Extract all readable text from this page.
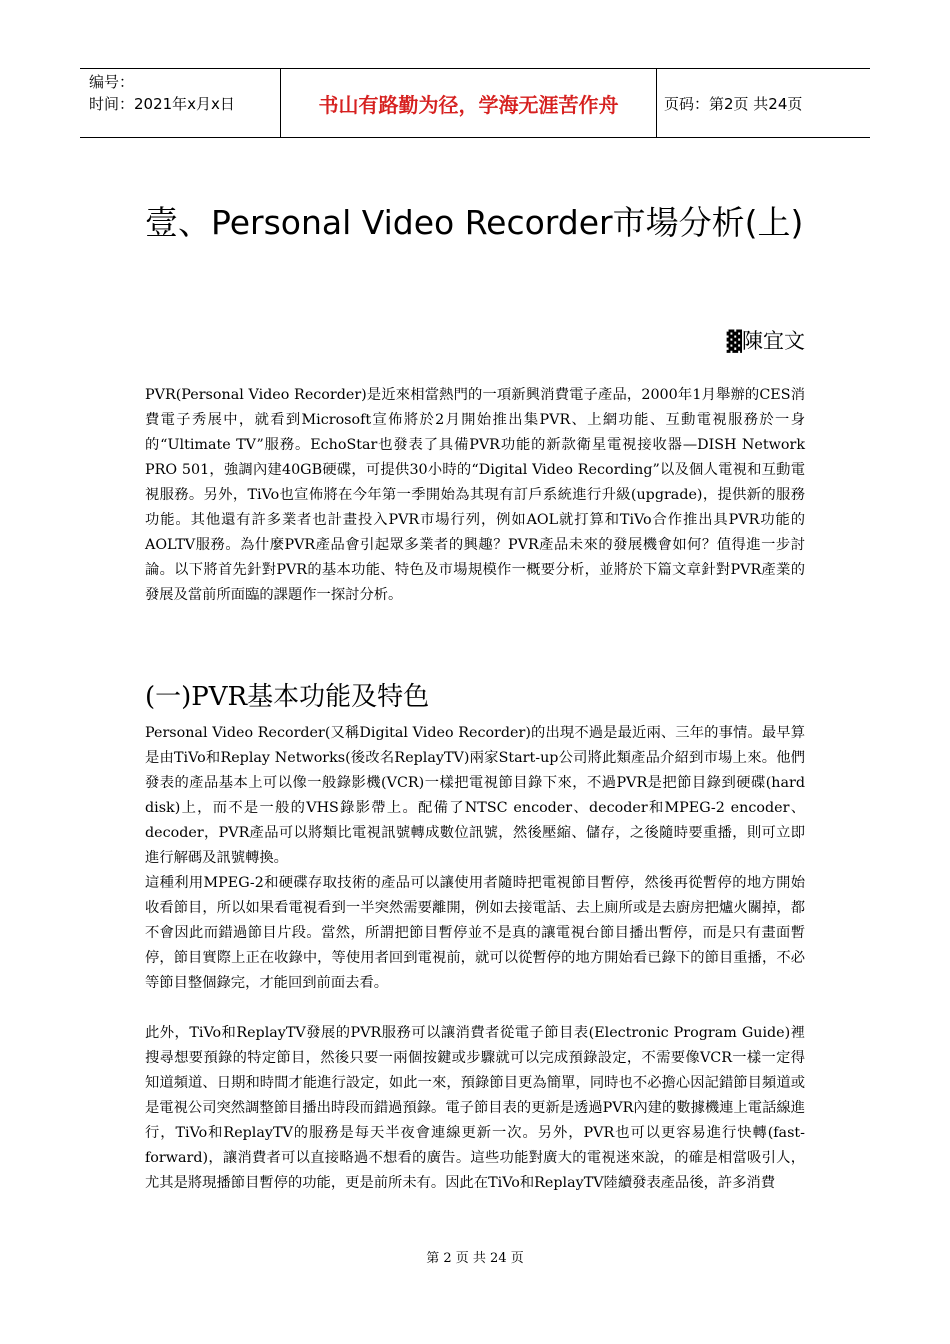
编号：
时间：2021年x月x日	书山有路勤为径，学海无涯苦作舟	页码：第2页 共24页
壹、Personal Video Recorder市場分析(上)
▓陳宜文

PVR(Personal Video Recorder)是近來相當熱門的一項新興消費電子產品，2000年1月舉辦的CES消費電子秀展中，就看到Microsoft宣佈將於2月開始推出集PVR、上網功能、互動電視服務於一身的“Ultimate TV”服務。EchoStar也發表了具備PVR功能的新款衛星電視接收器—DISH Network PRO 501，強調內建40GB硬碟，可提供30小時的“Digital Video Recording”以及個人電視和互動電視服務。另外，TiVo也宣佈將在今年第一季開始為其現有訂戶系統進行升級(upgrade)，提供新的服務功能。其他還有許多業者也計畫投入PVR市場行列，例如AOL就打算和TiVo合作推出具PVR功能的AOLTV服務。為什麼PVR產品會引起眾多業者的興趣？PVR產品未來的發展機會如何？值得進一步討論。以下將首先針對PVR的基本功能、特色及市場規模作一概要分析，並將於下篇文章針對PVR產業的發展及當前所面臨的課題作一探討分析。

(一)PVR基本功能及特色

Personal Video Recorder(又稱Digital Video Recorder)的出現不過是最近兩、三年的事情。最早算是由TiVo和Replay Networks(後改名ReplayTV)兩家Start-up公司將此類產品介紹到市場上來。他們發表的產品基本上可以像一般錄影機(VCR)一樣把電視節目錄下來，不過PVR是把節目錄到硬碟(hard disk)上，而不是一般的VHS錄影帶上。配備了NTSC encoder、decoder和MPEG-2 encoder、decoder，PVR產品可以將類比電視訊號轉成數位訊號，然後壓縮、儲存，之後隨時要重播，則可立即進行解碼及訊號轉換。

這種利用MPEG-2和硬碟存取技術的產品可以讓使用者隨時把電視節目暫停，然後再從暫停的地方開始收看節目，所以如果看電視看到一半突然需要離開，例如去接電話、去上廁所或是去廚房把爐火關掉，都不會因此而錯過節目片段。當然，所謂把節目暫停並不是真的讓電視台節目播出暫停，而是只有畫面暫停，節目實際上正在收錄中，等使用者回到電視前，就可以從暫停的地方開始看已錄下的節目重播，不必等節目整個錄完，才能回到前面去看。

此外，TiVo和ReplayTV發展的PVR服務可以讓消費者從電子節目表(Electronic Program Guide)裡搜尋想要預錄的特定節目，然後只要一兩個按鍵或步驟就可以完成預錄設定，不需要像VCR一樣一定得知道頻道、日期和時間才能進行設定，如此一來，預錄節目更為簡單，同時也不必擔心因記錯節目頻道或是電視公司突然調整節目播出時段而錯過預錄。電子節目表的更新是透過PVR內建的數據機連上電話線進行，TiVo和ReplayTV的服務是每天半夜會連線更新一次。另外，PVR也可以更容易進行快轉(fast-forward)，讓消費者可以直接略過不想看的廣告。這些功能對廣大的電視迷來說，的確是相當吸引人，尤其是將現播節目暫停的功能，更是前所未有。因此在TiVo和ReplayTV陸續發表產品後，許多消費

第 2 页 共 24 页
